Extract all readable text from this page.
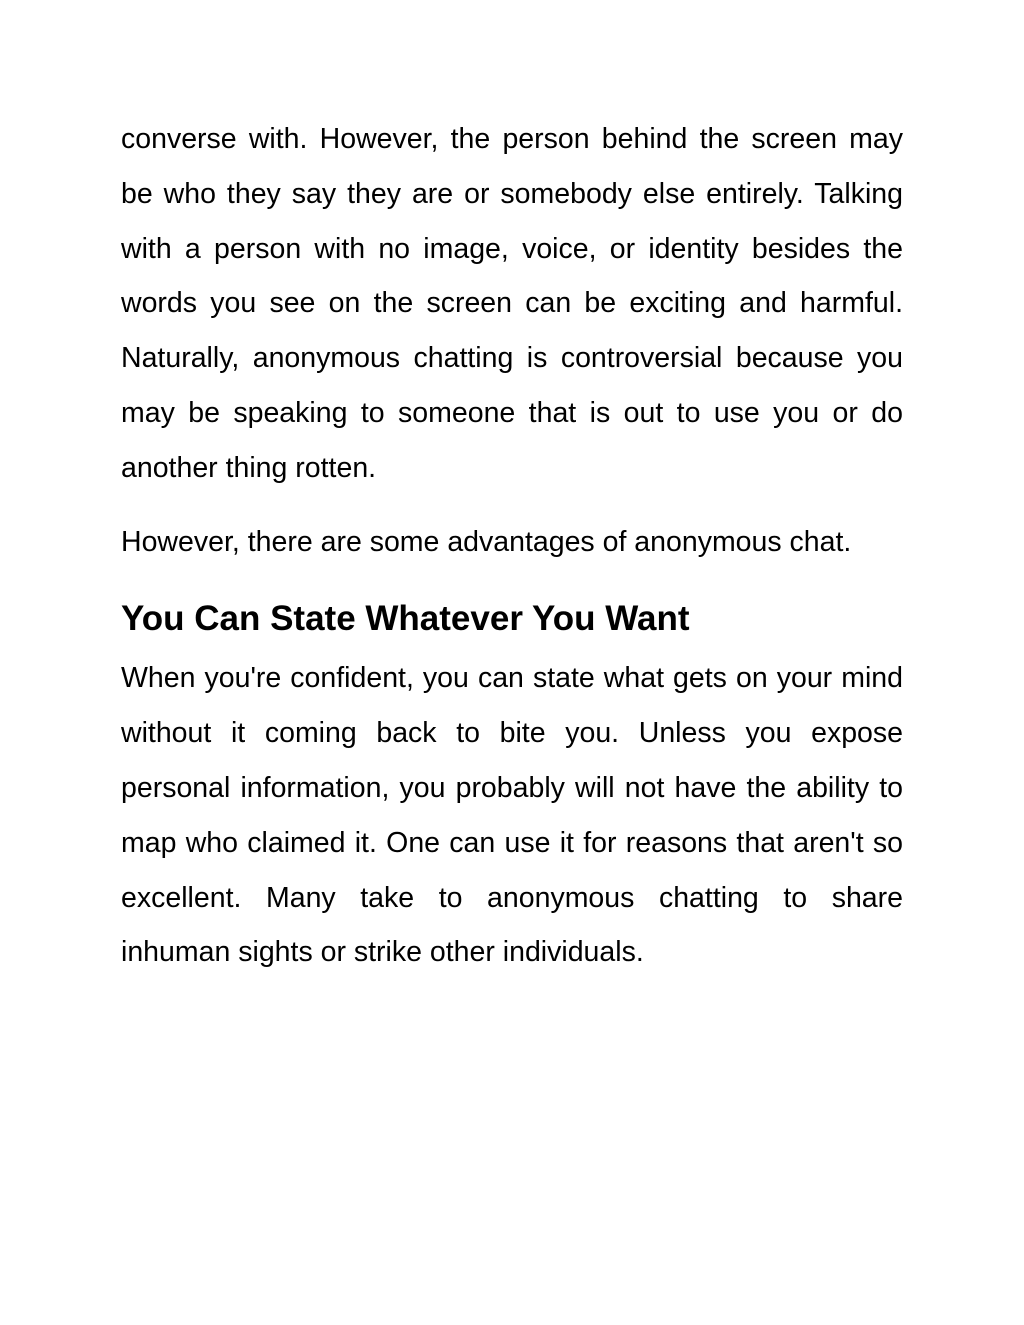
converse with. However, the person behind the screen may be who they say they are or somebody else entirely. Talking with a person with no image, voice, or identity besides the words you see on the screen can be exciting and harmful. Naturally, anonymous chatting is controversial because you may be speaking to someone that is out to use you or do another thing rotten.

However, there are some advantages of anonymous chat.

You Can State Whatever You Want

When you're confident, you can state what gets on your mind without it coming back to bite you. Unless you expose personal information, you probably will not have the ability to map who claimed it. One can use it for reasons that aren't so excellent. Many take to anonymous chatting to share inhuman sights or strike other individuals.
